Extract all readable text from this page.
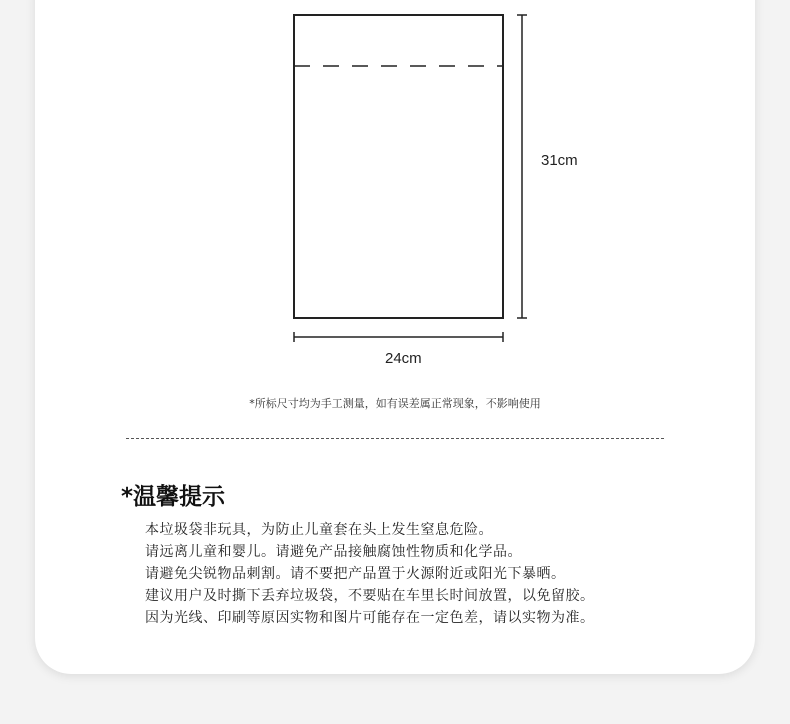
31cm
24cm
*所标尺寸均为手工测量，如有误差属正常现象，不影响使用
*温馨提示
本垃圾袋非玩具，为防止儿童套在头上发生窒息危险。
请远离儿童和婴儿。请避免产品接触腐蚀性物质和化学品。
请避免尖锐物品刺割。请不要把产品置于火源附近或阳光下暴晒。
建议用户及时撕下丢弃垃圾袋，不要贴在车里长时间放置，以免留胶。
因为光线、印刷等原因实物和图片可能存在一定色差，请以实物为准。
